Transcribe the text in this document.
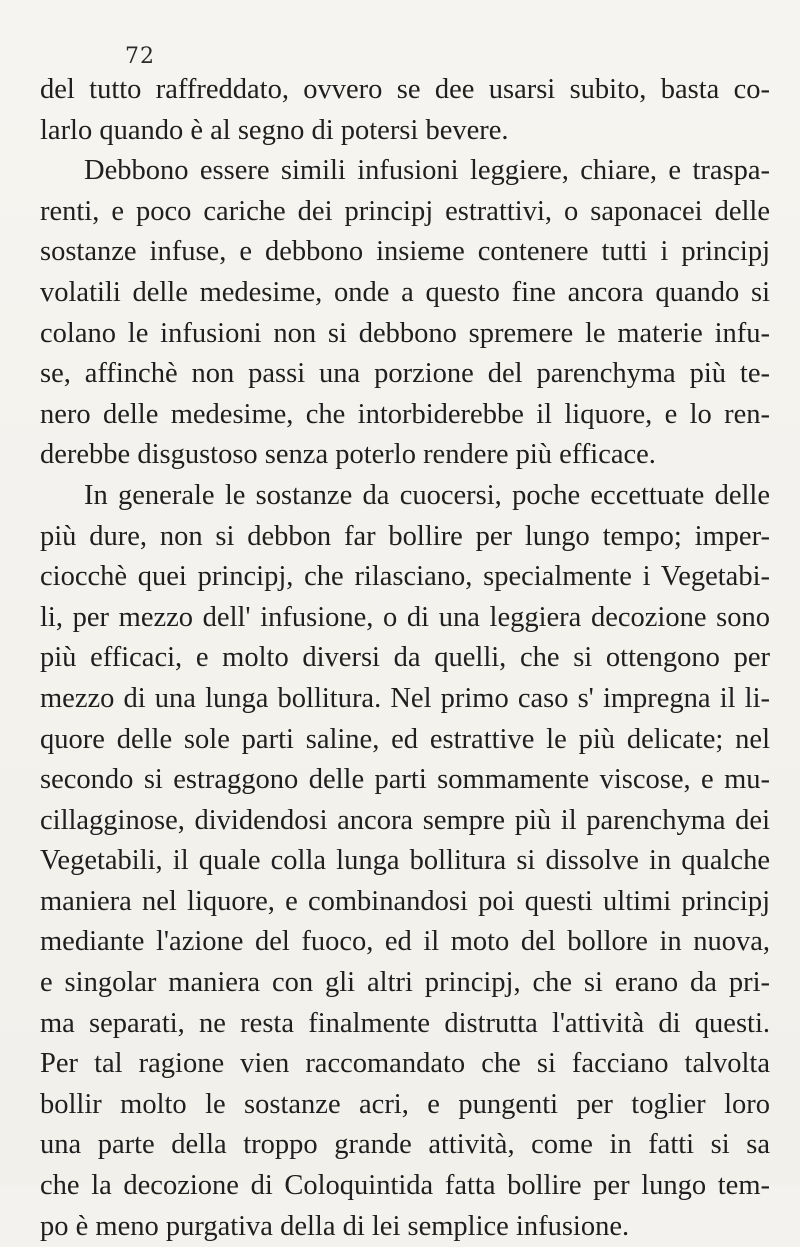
72
del tutto raffreddato, ovvero se dee usarsi subito, basta co-
larlo quando è al segno di potersi bevere.
Debbono essere simili infusioni leggiere, chiare, e traspa-
renti, e poco cariche dei principj estrattivi, o saponacei delle
sostanze infuse, e debbono insieme contenere tutti i principj
volatili delle medesime, onde a questo fine ancora quando si
colano le infusioni non si debbono spremere le materie infu-
se, affinchè non passi una porzione del parenchyma più te-
nero delle medesime, che intorbiderebbe il liquore, e lo ren-
derebbe disgustoso senza poterlo rendere più efficace.
In generale le sostanze da cuocersi, poche eccettuate delle
più dure, non si debbon far bollire per lungo tempo; imper-
ciocchè quei principj, che rilasciano, specialmente i Vegetabi-
li, per mezzo dell' infusione, o di una leggiera decozione sono
più efficaci, e molto diversi da quelli, che si ottengono per
mezzo di una lunga bollitura. Nel primo caso s' impregna il li-
quore delle sole parti saline, ed estrattive le più delicate; nel
secondo si estraggono delle parti sommamente viscose, e mu-
cillagginose, dividendosi ancora sempre più il parenchyma dei
Vegetabili, il quale colla lunga bollitura si dissolve in qualche
maniera nel liquore, e combinandosi poi questi ultimi principj
mediante l'azione del fuoco, ed il moto del bollore in nuova,
e singolar maniera con gli altri principj, che si erano da pri-
ma separati, ne resta finalmente distrutta l'attività di questi.
Per tal ragione vien raccomandato che si facciano talvolta
bollir molto le sostanze acri, e pungenti per toglier loro
una parte della troppo grande attività, come in fatti si sa
che la decozione di Coloquintida fatta bollire per lungo tem-
po è meno purgativa della di lei semplice infusione.
